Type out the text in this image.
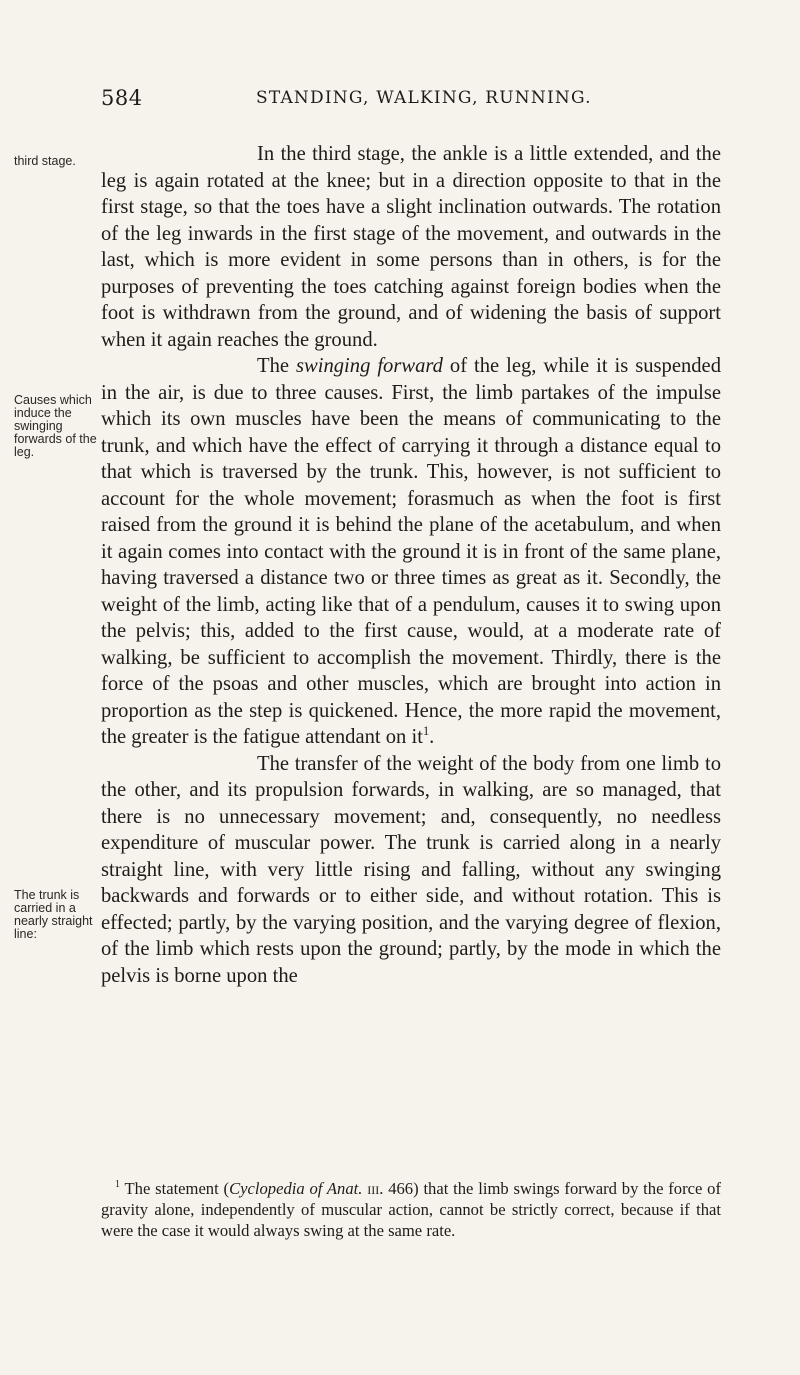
584	STANDING, WALKING, RUNNING.
third stage.
Causes which induce the swinging forwards of the leg.
The trunk is carried in a nearly straight line:

In the third stage, the ankle is a little extended, and the leg is again rotated at the knee; but in a direction opposite to that in the first stage, so that the toes have a slight inclination outwards. The rotation of the leg inwards in the first stage of the movement, and outwards in the last, which is more evident in some persons than in others, is for the purposes of preventing the toes catching against foreign bodies when the foot is withdrawn from the ground, and of widening the basis of support when it again reaches the ground.

The swinging forward of the leg, while it is suspended in the air, is due to three causes. First, the limb partakes of the impulse which its own muscles have been the means of communicating to the trunk, and which have the effect of carrying it through a distance equal to that which is traversed by the trunk. This, however, is not sufficient to account for the whole movement; forasmuch as when the foot is first raised from the ground it is behind the plane of the acetabulum, and when it again comes into contact with the ground it is in front of the same plane, having traversed a distance two or three times as great as it. Secondly, the weight of the limb, acting like that of a pendulum, causes it to swing upon the pelvis; this, added to the first cause, would, at a moderate rate of walking, be sufficient to accomplish the movement. Thirdly, there is the force of the psoas and other muscles, which are brought into action in proportion as the step is quickened. Hence, the more rapid the movement, the greater is the fatigue attendant on $it^1$.

The transfer of the weight of the body from one limb to the other, and its propulsion forwards, in walking, are so managed, that there is no unnecessary movement; and, consequently, no needless expenditure of muscular power. The trunk is carried along in a nearly straight line, with very little rising and falling, without any swinging backwards and forwards or to either side, and without rotation. This is effected; partly, by the varying position, and the varying degree of flexion, of the limb which rests upon the ground; partly, by the mode in which the pelvis is borne upon the

$^1$ The statement (Cyclopedia of Anat. iii. 466) that the limb swings forward by the force of gravity alone, independently of muscular action, cannot be strictly correct, because if that were the case it would always swing at the same rate.
